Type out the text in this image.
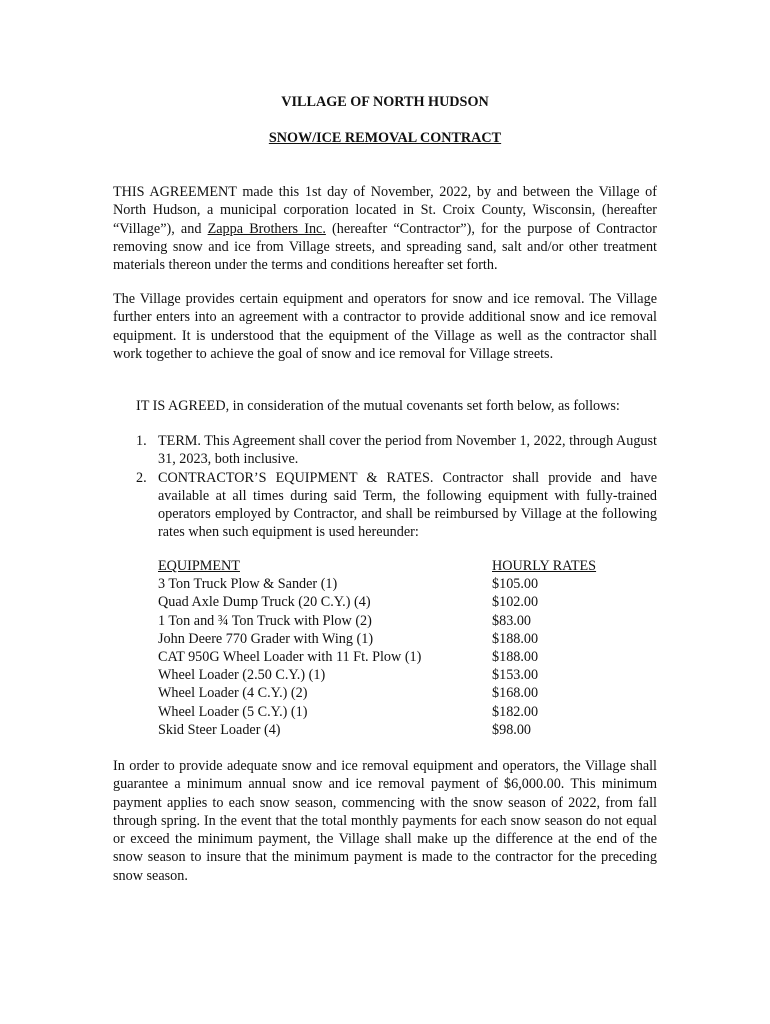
VILLAGE OF NORTH HUDSON

SNOW/ICE REMOVAL CONTRACT

THIS AGREEMENT made this 1st day of November, 2022, by and between the Village of North Hudson, a municipal corporation located in St. Croix County, Wisconsin, (hereafter “Village”), and Zappa Brothers Inc. (hereafter “Contractor”), for the purpose of Contractor removing snow and ice from Village streets, and spreading sand, salt and/or other treatment materials thereon under the terms and conditions hereafter set forth.

The Village provides certain equipment and operators for snow and ice removal. The Village further enters into an agreement with a contractor to provide additional snow and ice removal equipment. It is understood that the equipment of the Village as well as the contractor shall work together to achieve the goal of snow and ice removal for Village streets.

IT IS AGREED, in consideration of the mutual covenants set forth below, as follows:

1. TERM. This Agreement shall cover the period from November 1, 2022, through August 31, 2023, both inclusive.
2. CONTRACTOR’S EQUIPMENT & RATES. Contractor shall provide and have available at all times during said Term, the following equipment with fully-trained operators employed by Contractor, and shall be reimbursed by Village at the following rates when such equipment is used hereunder:
EQUIPMENT	HOURLY RATES
3 Ton Truck Plow & Sander (1)	$105.00
Quad Axle Dump Truck (20 C.Y.) (4)	$102.00
1 Ton and ¾ Ton Truck with Plow (2)	$83.00
John Deere 770 Grader with Wing (1)	$188.00
CAT 950G Wheel Loader with 11 Ft. Plow (1)	$188.00
Wheel Loader (2.50 C.Y.) (1)	$153.00
Wheel Loader (4 C.Y.) (2)	$168.00
Wheel Loader (5 C.Y.) (1)	$182.00
Skid Steer Loader (4)	$98.00

In order to provide adequate snow and ice removal equipment and operators, the Village shall guarantee a minimum annual snow and ice removal payment of $6,000.00. This minimum payment applies to each snow season, commencing with the snow season of 2022, from fall through spring. In the event that the total monthly payments for each snow season do not equal or exceed the minimum payment, the Village shall make up the difference at the end of the snow season to insure that the minimum payment is made to the contractor for the preceding snow season.
